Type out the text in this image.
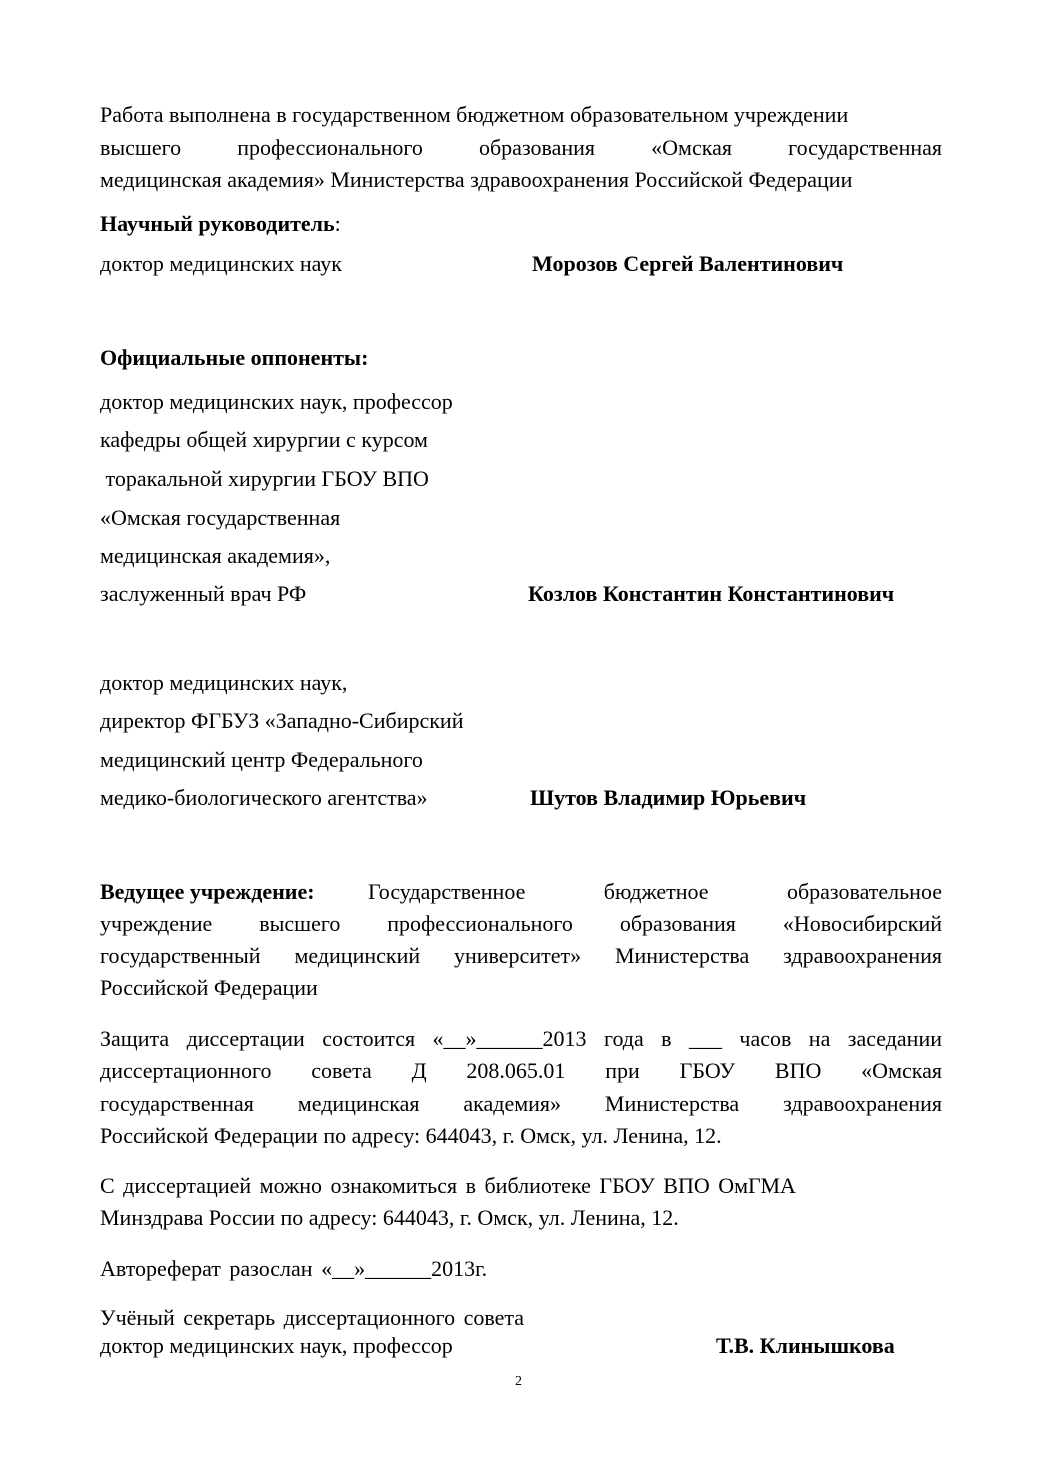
Работа выполнена в государственном бюджетном образовательном учреждении
высшего профессионального образования «Омская государственная
медицинская академия» Министерства здравоохранения Российской Федерации
Научный руководитель:
доктор медицинских наук	Морозов Сергей Валентинович
Официальные оппоненты:
доктор медицинских наук, профессор
кафедры общей хирургии с курсом
торакальной хирургии ГБОУ ВПО
«Омская государственная
медицинская академия»,
заслуженный врач РФ	Козлов Константин Константинович
доктор медицинских наук,
директор ФГБУЗ «Западно-Сибирский
медицинский центр Федерального
медико-биологического агентства»	Шутов Владимир Юрьевич
Ведущее учреждение: Государственное бюджетное образовательное
учреждение высшего профессионального образования «Новосибирский
государственный медицинский университет» Министерства здравоохранения
Российской Федерации
Защита диссертации состоится «__»______2013 года в ___ часов на заседании
диссертационного совета Д 208.065.01 при ГБОУ ВПО «Омская
государственная медицинская академия» Министерства здравоохранения
Российской Федерации по адресу: 644043, г. Омск, ул. Ленина, 12.
С диссертацией можно ознакомиться в библиотеке ГБОУ ВПО ОмГМА
Минздрава России по адресу: 644043, г. Омск, ул. Ленина, 12.
Автореферат разослан «__»______2013г.
Учёный секретарь диссертационного совета
доктор медицинских наук, профессор	Т.В. Клинышкова
2
